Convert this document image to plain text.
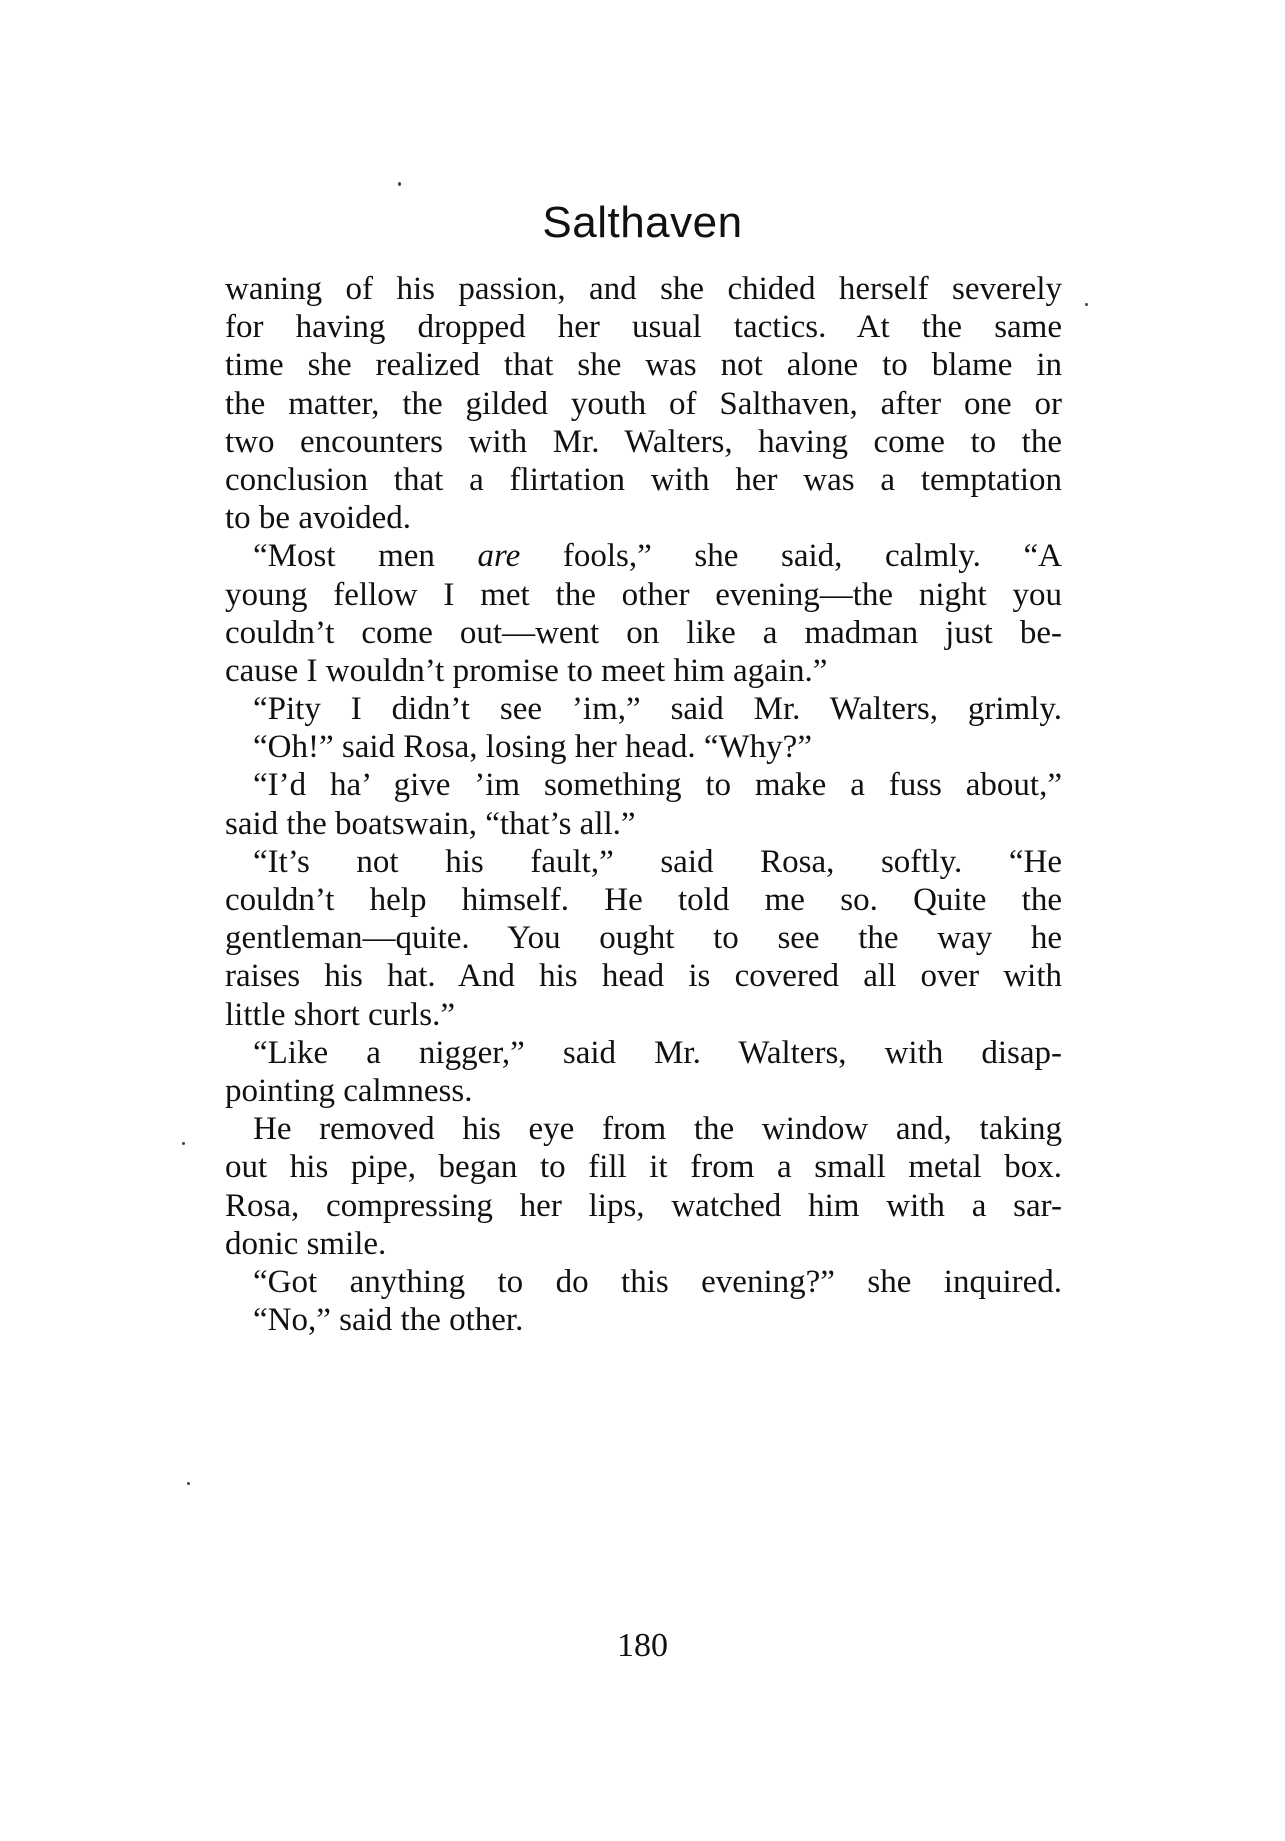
Salthaven
waning of his passion, and she chided herself severely
for having dropped her usual tactics. At the same
time she realized that she was not alone to blame in
the matter, the gilded youth of Salthaven, after one or
two encounters with Mr. Walters, having come to the
conclusion that a flirtation with her was a temptation
to be avoided.
“Most men are fools,” she said, calmly. “A
young fellow I met the other evening—the night you
couldn’t come out—went on like a madman just be-
cause I wouldn’t promise to meet him again.”
“Pity I didn’t see ’im,” said Mr. Walters, grimly.
“Oh!” said Rosa, losing her head. “Why?”
“I’d ha’ give ’im something to make a fuss about,”
said the boatswain, “that’s all.”
“It’s not his fault,” said Rosa, softly. “He
couldn’t help himself. He told me so. Quite the
gentleman—quite. You ought to see the way he
raises his hat. And his head is covered all over with
little short curls.”
“Like a nigger,” said Mr. Walters, with disap-
pointing calmness.
He removed his eye from the window and, taking
out his pipe, began to fill it from a small metal box.
Rosa, compressing her lips, watched him with a sar-
donic smile.
“Got anything to do this evening?” she inquired.
“No,” said the other.
180
